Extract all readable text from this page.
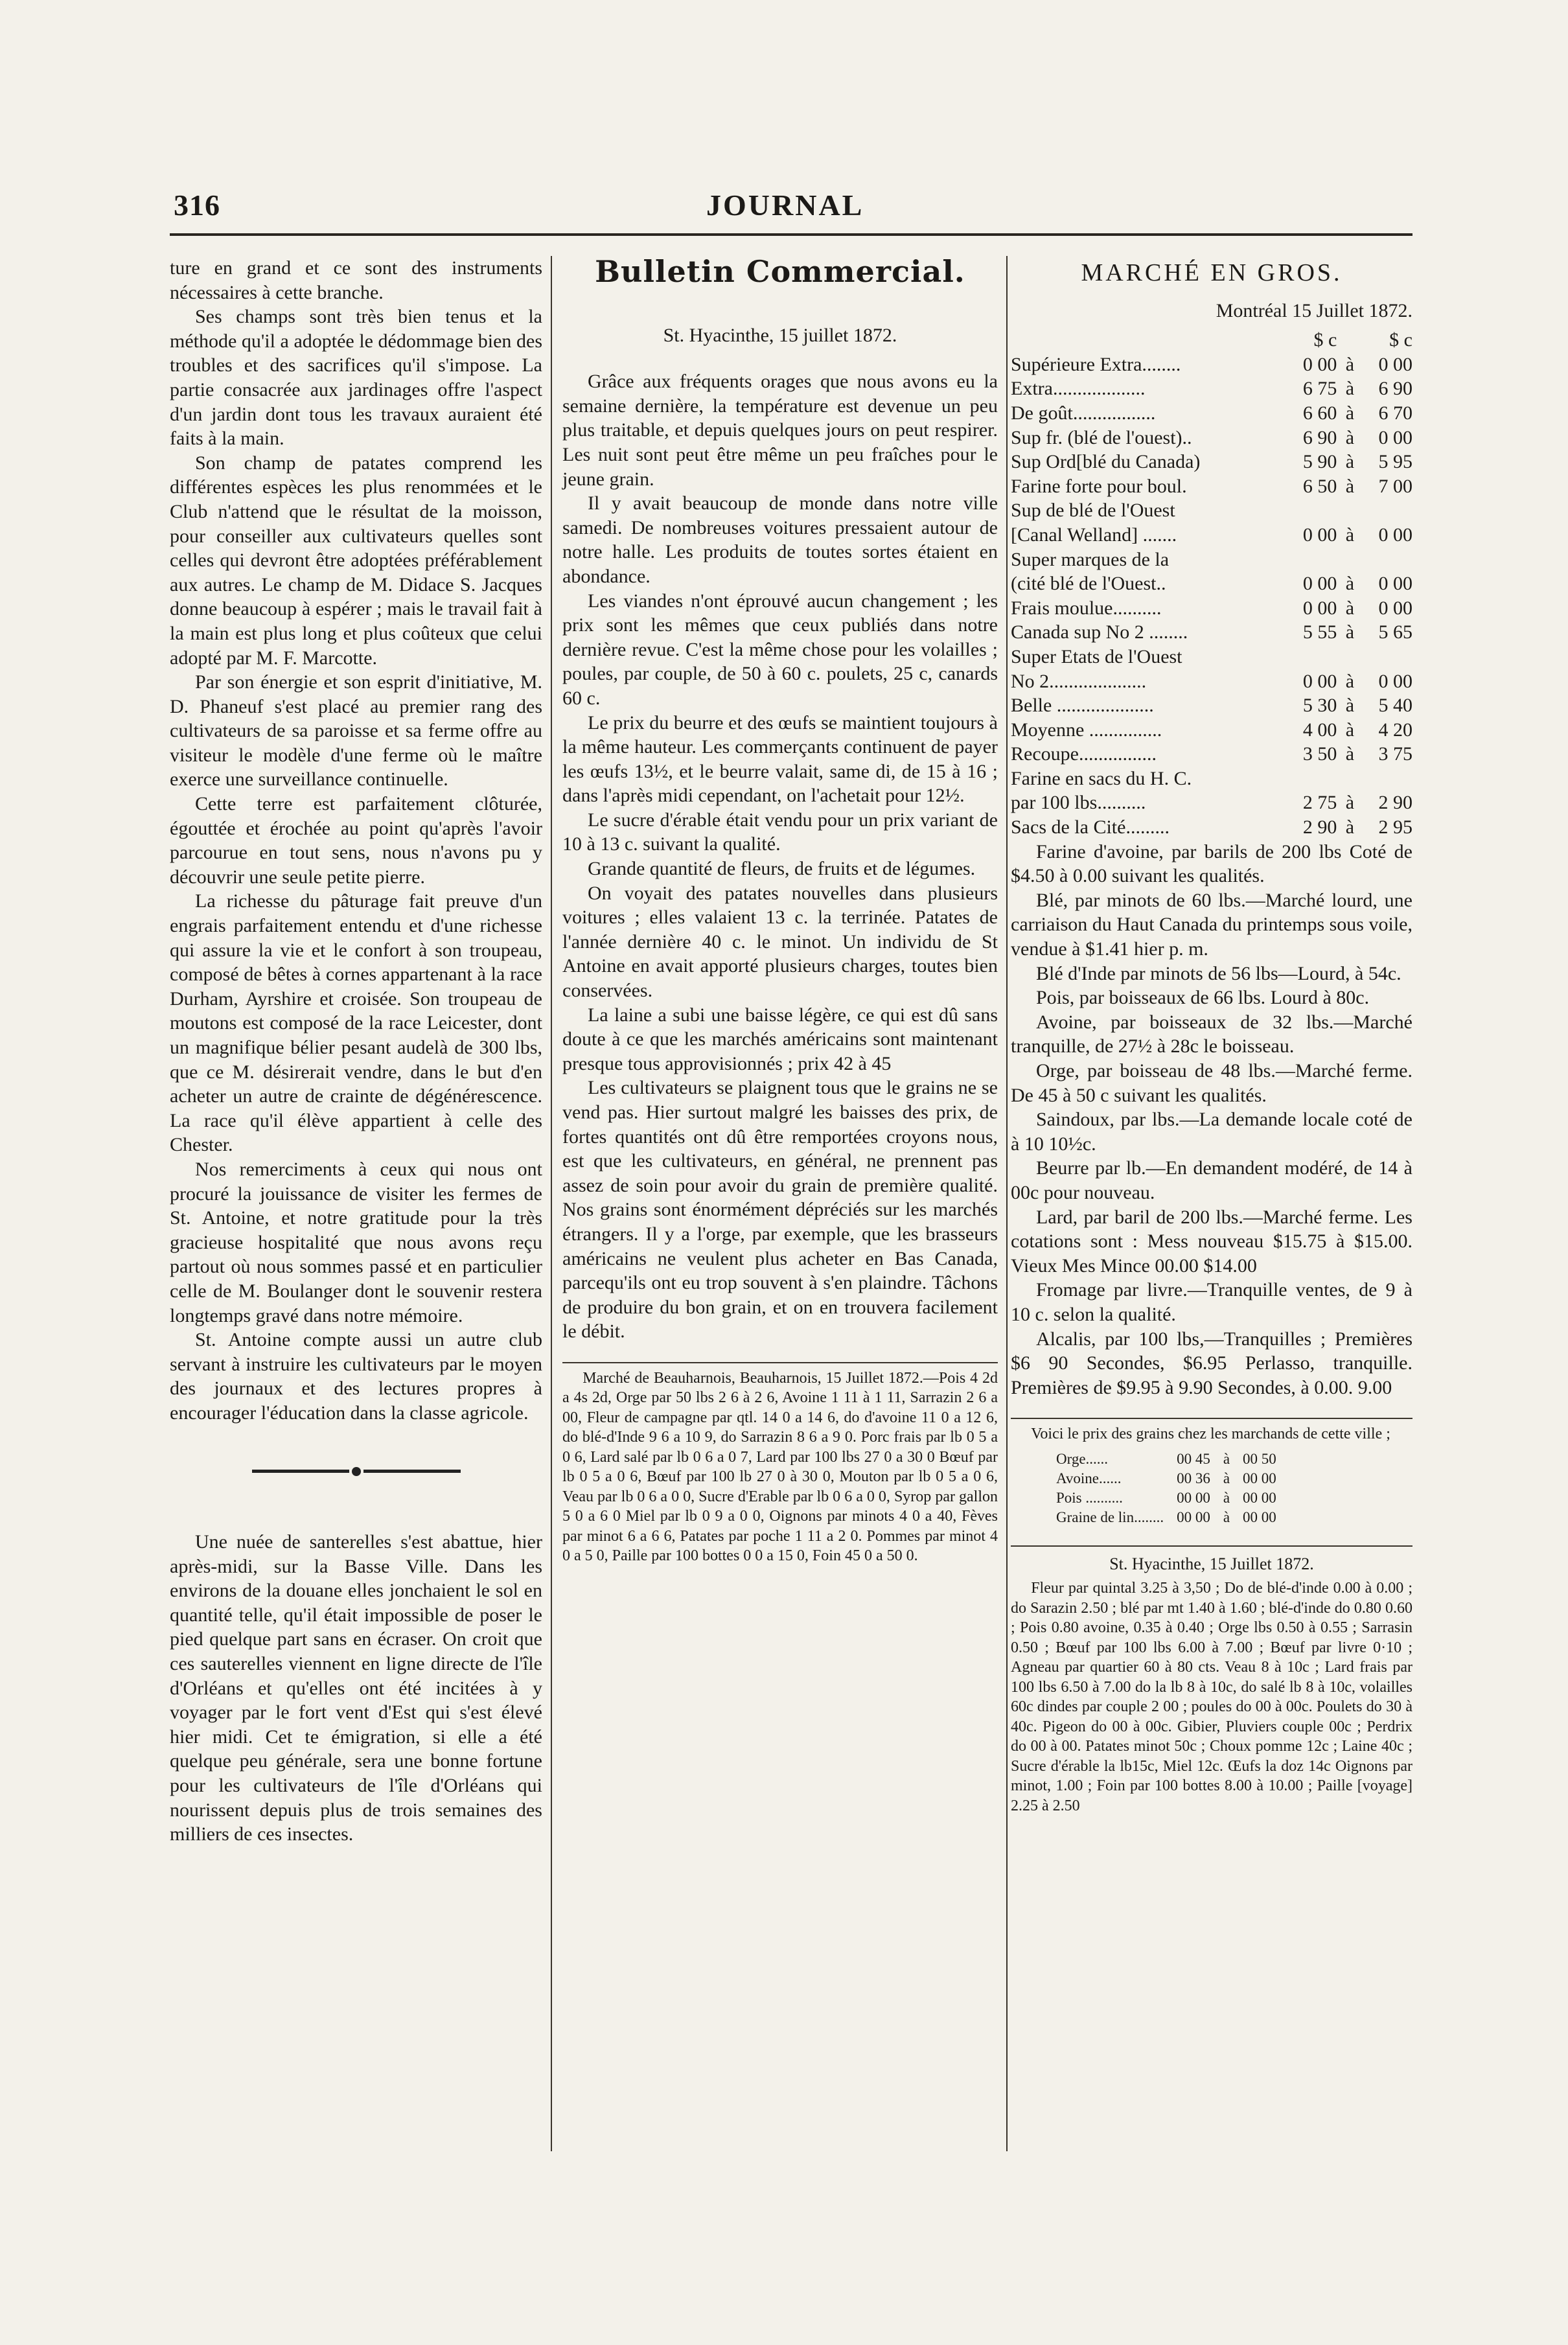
316	JOURNAL

ture en grand et ce sont des instruments nécessaires à cette branche.

Ses champs sont très bien tenus et la méthode qu'il a adoptée le dédommage bien des troubles et des sacrifices qu'il s'impose. La partie consacrée aux jardinages offre l'aspect d'un jardin dont tous les travaux auraient été faits à la main.

Son champ de patates comprend les différentes espèces les plus renommées et le Club n'attend que le résultat de la moisson, pour conseiller aux cultivateurs quelles sont celles qui devront être adoptées préférablement aux autres. Le champ de M. Didace S. Jacques donne beaucoup à espérer ; mais le travail fait à la main est plus long et plus coûteux que celui adopté par M. F. Marcotte.

Par son énergie et son esprit d'initiative, M. D. Phaneuf s'est placé au premier rang des cultivateurs de sa paroisse et sa ferme offre au visiteur le modèle d'une ferme où le maître exerce une surveillance continuelle.

Cette terre est parfaitement clôturée, égouttée et érochée au point qu'après l'avoir parcourue en tout sens, nous n'avons pu y découvrir une seule petite pierre.

La richesse du pâturage fait preuve d'un engrais parfaitement entendu et d'une richesse qui assure la vie et le confort à son troupeau, composé de bêtes à cornes appartenant à la race Durham, Ayrshire et croisée. Son troupeau de moutons est composé de la race Leicester, dont un magnifique bélier pesant audelà de 300 lbs, que ce M. désirerait vendre, dans le but d'en acheter un autre de crainte de dégénérescence. La race qu'il élève appartient à celle des Chester.

Nos remerciments à ceux qui nous ont procuré la jouissance de visiter les fermes de St. Antoine, et notre gratitude pour la très gracieuse hospitalité que nous avons reçu partout où nous sommes passé et en particulier celle de M. Boulanger dont le souvenir restera longtemps gravé dans notre mémoire.

St. Antoine compte aussi un autre club servant à instruire les cultivateurs par le moyen des journaux et des lectures propres à encourager l'éducation dans la classe agricole.

Une nuée de santerelles s'est abattue, hier après-midi, sur la Basse Ville. Dans les environs de la douane elles jonchaient le sol en quantité telle, qu'il était impossible de poser le pied quelque part sans en écraser. On croit que ces sauterelles viennent en ligne directe de l'île d'Orléans et qu'elles ont été incitées à y voyager par le fort vent d'Est qui s'est élevé hier midi. Cet te émigration, si elle a été quelque peu générale, sera une bonne fortune pour les cultivateurs de l'île d'Orléans qui nourissent depuis plus de trois semaines des milliers de ces insectes.

Bulletin Commercial.
St. Hyacinthe, 15 juillet 1872.

Grâce aux fréquents orages que nous avons eu la semaine dernière, la température est devenue un peu plus traitable, et depuis quelques jours on peut respirer. Les nuit sont peut être même un peu fraîches pour le jeune grain.

Il y avait beaucoup de monde dans notre ville samedi. De nombreuses voitures pressaient autour de notre halle. Les produits de toutes sortes étaient en abondance.

Les viandes n'ont éprouvé aucun changement ; les prix sont les mêmes que ceux publiés dans notre dernière revue. C'est la même chose pour les volailles ; poules, par couple, de 50 à 60 c. poulets, 25 c, canards 60 c.

Le prix du beurre et des œufs se maintient toujours à la même hauteur. Les commerçants continuent de payer les œufs 13½, et le beurre valait, same di, de 15 à 16 ; dans l'après midi cependant, on l'achetait pour 12½.

Le sucre d'érable était vendu pour un prix variant de 10 à 13 c. suivant la qualité.

Grande quantité de fleurs, de fruits et de légumes.

On voyait des patates nouvelles dans plusieurs voitures ; elles valaient 13 c. la terrinée. Patates de l'année dernière 40 c. le minot. Un individu de St Antoine en avait apporté plusieurs charges, toutes bien conservées.

La laine a subi une baisse légère, ce qui est dû sans doute à ce que les marchés américains sont maintenant presque tous approvisionnés ; prix 42 à 45

Les cultivateurs se plaignent tous que le grains ne se vend pas. Hier surtout malgré les baisses des prix, de fortes quantités ont dû être remportées croyons nous, est que les cultivateurs, en général, ne prennent pas assez de soin pour avoir du grain de première qualité. Nos grains sont énormément dépréciés sur les marchés étrangers. Il y a l'orge, par exemple, que les brasseurs américains ne veulent plus acheter en Bas Canada, parcequ'ils ont eu trop souvent à s'en plaindre. Tâchons de produire du bon grain, et on en trouvera facilement le débit.

Marché de Beauharnois, Beauharnois, 15 Juillet 1872.—Pois 4 2d a 4s 2d, Orge par 50 lbs 2 6 à 2 6, Avoine 1 11 à 1 11, Sarrazin 2 6 a 00, Fleur de campagne par qtl. 14 0 a 14 6, do d'avoine 11 0 a 12 6, do blé-d'Inde 9 6 a 10 9, do Sarrazin 8 6 a 9 0. Porc frais par lb 0 5 a 0 6, Lard salé par lb 0 6 a 0 7, Lard par 100 lbs 27 0 a 30 0 Bœuf par lb 0 5 a 0 6, Bœuf par 100 lb 27 0 à 30 0, Mouton par lb 0 5 a 0 6, Veau par lb 0 6 a 0 0, Sucre d'Erable par lb 0 6 a 0 0, Syrop par gallon 5 0 a 6 0 Miel par lb 0 9 a 0 0, Oignons par minots 4 0 a 40, Fèves par minot 6 a 6 6, Patates par poche 1 11 a 2 0. Pommes par minot 4 0 a 5 0, Paille par 100 bottes 0 0 a 15 0, Foin 45 0 a 50 0.

MARCHÉ EN GROS.
Montréal 15 Juillet 1872.
	$ c		$ c
Supérieure Extra........	0 00	à	0 00
Extra...................	6 75	à	6 90
De goût.................	6 60	à	6 70
Sup fr. (blé de l'ouest)..	6 90	à	0 00
Sup Ord[blé du Canada)	5 90	à	5 95
Farine forte pour boul.	6 50	à	7 00
Sup de blé de l'Ouest			
[Canal Welland] .......	0 00	à	0 00
Super marques de la			
(cité blé de l'Ouest..	0 00	à	0 00
Frais moulue..........	0 00	à	0 00
Canada sup No 2 ........	5 55	à	5 65
Super Etats de l'Ouest			
No 2....................	0 00	à	0 00
Belle ....................	5 30	à	5 40
Moyenne ...............	4 00	à	4 20
Recoupe................	3 50	à	3 75
Farine en sacs du H. C.			
par 100 lbs..........	2 75	à	2 90
Sacs de la Cité.........	2 90	à	2 95

Farine d'avoine, par barils de 200 lbs Coté de $4.50 à 0.00 suivant les qualités.

Blé, par minots de 60 lbs.—Marché lourd, une carriaison du Haut Canada du printemps sous voile, vendue à $1.41 hier p. m.

Blé d'Inde par minots de 56 lbs—Lourd, à 54c.

Pois, par boisseaux de 66 lbs. Lourd à 80c.

Avoine, par boisseaux de 32 lbs.—Marché tranquille, de 27½ à 28c le boisseau.

Orge, par boisseau de 48 lbs.—Marché ferme. De 45 à 50 c suivant les qualités.

Saindoux, par lbs.—La demande locale coté de à 10 10½c.

Beurre par lb.—En demandent modéré, de 14 à 00c pour nouveau.

Lard, par baril de 200 lbs.—Marché ferme. Les cotations sont : Mess nouveau $15.75 à $15.00. Vieux Mes Mince 00.00 $14.00

Fromage par livre.—Tranquille ventes, de 9 à 10 c. selon la qualité.

Alcalis, par 100 lbs,—Tranquilles ; Premières $6 90 Secondes, $6.95 Perlasso, tranquille. Premières de $9.95 à 9.90 Secondes, à 0.00. 9.00

Voici le prix des grains chez les marchands de cette ville ;

Orge......	00 45	à	00 50
Avoine......	00 36	à	00 00
Pois ..........	00 00	à	00 00
Graine de lin........	00 00	à	00 00
St. Hyacinthe, 15 Juillet 1872.

Fleur par quintal 3.25 à 3,50 ; Do de blé-d'inde 0.00 à 0.00 ; do Sarazin 2.50 ; blé par mt 1.40 à 1.60 ; blé-d'inde do 0.80 0.60 ; Pois 0.80 avoine, 0.35 à 0.40 ; Orge lbs 0.50 à 0.55 ; Sarrasin 0.50 ; Bœuf par 100 lbs 6.00 à 7.00 ; Bœuf par livre 0·10 ; Agneau par quartier 60 à 80 cts. Veau 8 à 10c ; Lard frais par 100 lbs 6.50 à 7.00 do la lb 8 à 10c, do salé lb 8 à 10c, volailles 60c dindes par couple 2 00 ; poules do 00 à 00c. Poulets do 30 à 40c. Pigeon do 00 à 00c. Gibier, Pluviers couple 00c ; Perdrix do 00 à 00. Patates minot 50c ; Choux pomme 12c ; Laine 40c ; Sucre d'érable la lb15c, Miel 12c. Œufs la doz 14c Oignons par minot, 1.00 ; Foin par 100 bottes 8.00 à 10.00 ; Paille [voyage] 2.25 à 2.50
